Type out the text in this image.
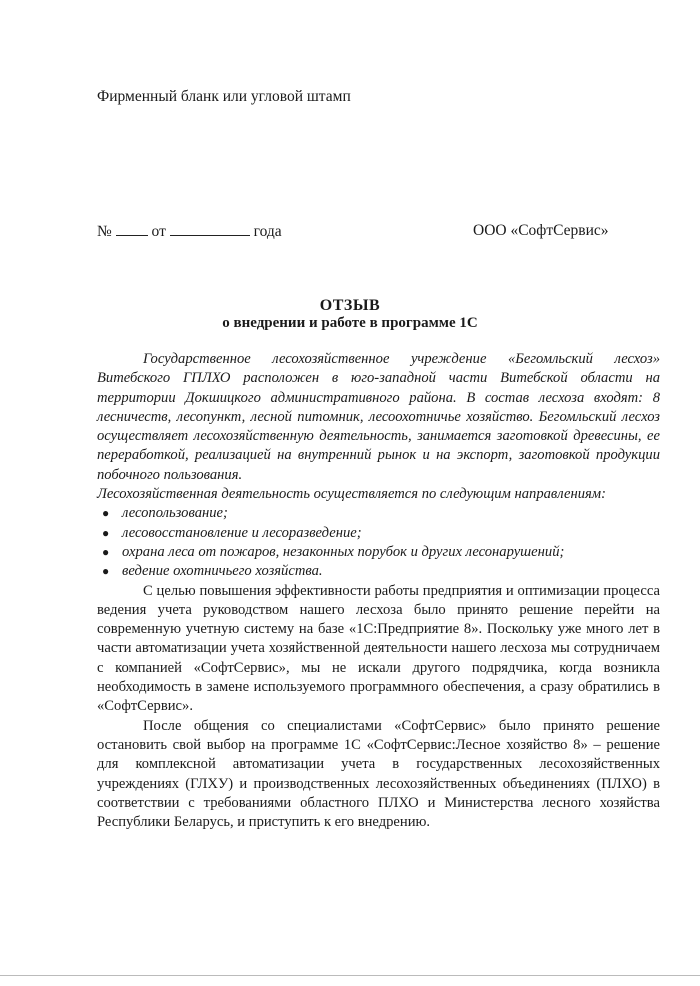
Фирменный бланк или угловой штамп
№	от	года	ООО «СофтСервис»
ОТЗЫВ
о внедрении и работе в программе 1С

Государственное лесохозяйственное учреждение «Бегомльский лесхоз» Витебского ГПЛХО расположен в юго-западной части Витебской области на территории Докшицкого административного района. В состав лесхоза входят: 8 лесничеств, лесопункт, лесной питомник, лесоохотничье хозяйство. Бегомльский лесхоз осуществляет лесохозяйственную деятельность, занимается заготовкой древесины, ее переработкой, реализацией на внутренний рынок и на экспорт, заготовкой продукции побочного пользования.

Лесохозяйственная деятельность осуществляется по следующим направлениям:

● лесопользование;
● лесовосстановление и лесоразведение;
● охрана леса от пожаров, незаконных порубок и других лесонарушений;
● ведение охотничьего хозяйства.

С целью повышения эффективности работы предприятия и оптимизации процесса ведения учета руководством нашего лесхоза было принято решение перейти на современную учетную систему на базе «1С:Предприятие 8». Поскольку уже много лет в части автоматизации учета хозяйственной деятельности нашего лесхоза мы сотрудничаем с компанией «СофтСервис», мы не искали другого подрядчика, когда возникла необходимость в замене используемого программного обеспечения, а сразу обратились в «СофтСервис».

После общения со специалистами «СофтСервис» было принято решение остановить свой выбор на программе 1С «СофтСервис:Лесное хозяйство 8» – решение для комплексной автоматизации учета в государственных лесохозяйственных учреждениях (ГЛХУ) и производственных лесохозяйственных объединениях (ПЛХО) в соответствии с требованиями областного ПЛХО и Министерства лесного хозяйства Республики Беларусь, и приступить к его внедрению.
